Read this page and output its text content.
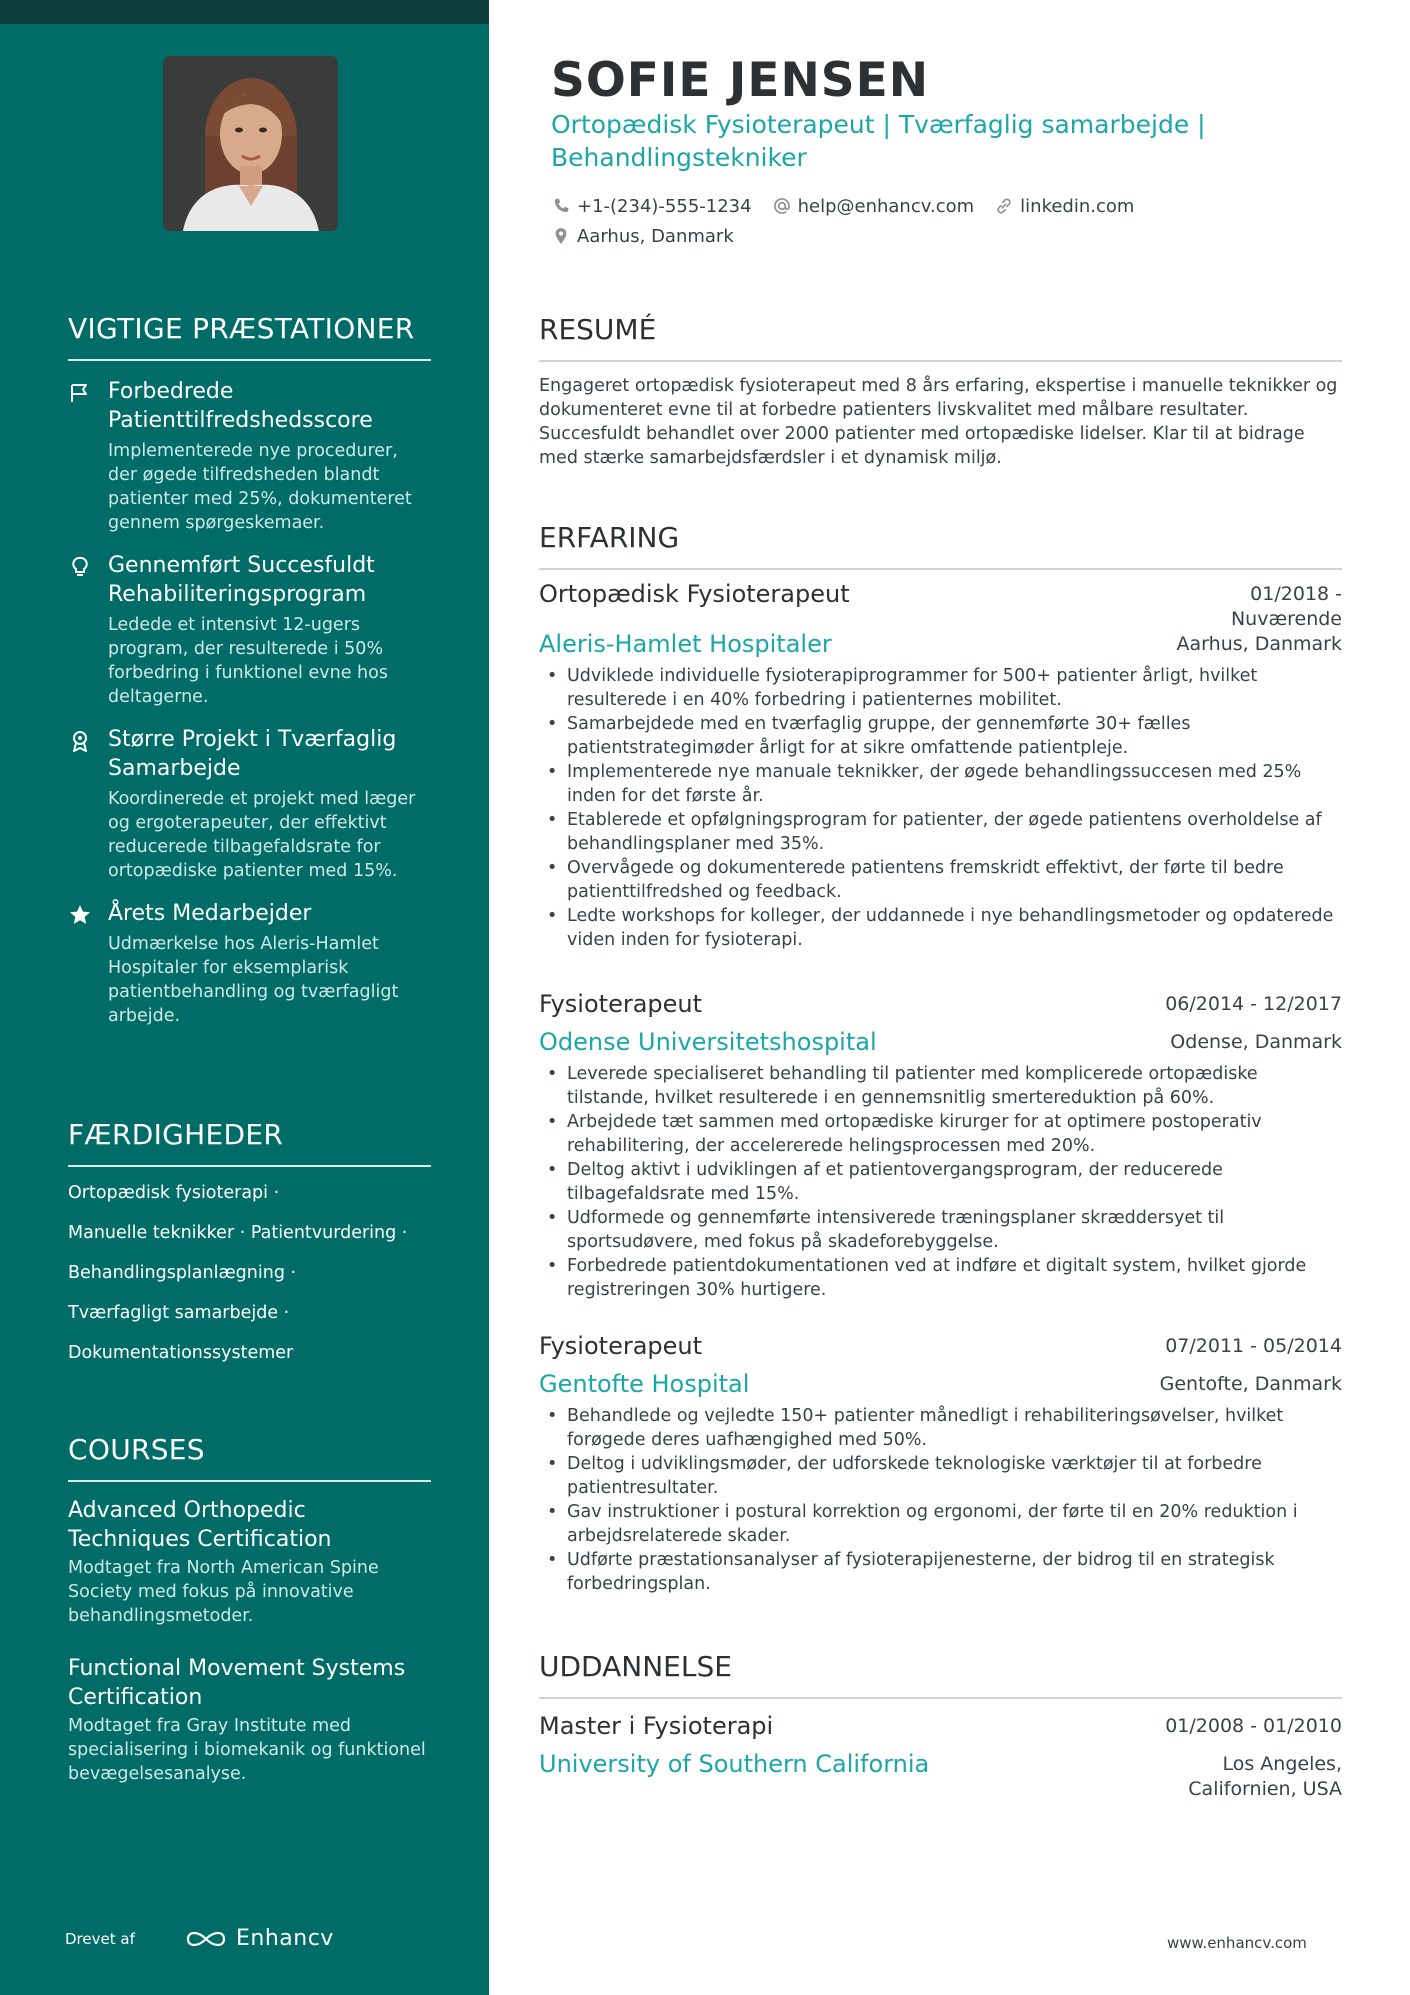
VIGTIGE PRÆSTATIONER
Forbedrede Patienttilfredshedsscore
Implementerede nye procedurer, der øgede tilfredsheden blandt patienter med 25%, dokumenteret gennem spørgeskemaer.
Gennemført Succesfuldt Rehabiliteringsprogram
Ledede et intensivt 12-ugers program, der resulterede i 50% forbedring i funktionel evne hos deltagerne.
Større Projekt i Tværfaglig Samarbejde
Koordinerede et projekt med læger og ergoterapeuter, der effektivt reducerede tilbagefaldsrate for ortopædiske patienter med 15%.
Årets Medarbejder
Udmærkelse hos Aleris-Hamlet Hospitaler for eksemplarisk patientbehandling og tværfagligt arbejde.
FÆRDIGHEDER
Ortopædisk fysioterapi ·
Manuelle teknikker · Patientvurdering ·
Behandlingsplanlægning ·
Tværfagligt samarbejde ·
Dokumentationssystemer
COURSES
Advanced Orthopedic Techniques Certification
Modtaget fra North American Spine Society med fokus på innovative behandlingsmetoder.
Functional Movement Systems Certification
Modtaget fra Gray Institute med specialisering i biomekanik og funktionel bevægelsesanalyse.
Drevet af	Enhancv
SOFIE JENSEN
Ortopædisk Fysioterapeut | Tværfaglig samarbejde | Behandlingstekniker
+1-(234)-555-1234	help@enhancv.com	linkedin.com
Aarhus, Danmark
RESUMÉ
Engageret ortopædisk fysioterapeut med 8 års erfaring, ekspertise i manuelle teknikker og dokumenteret evne til at forbedre patienters livskvalitet med målbare resultater. Succesfuldt behandlet over 2000 patienter med ortopædiske lidelser. Klar til at bidrage med stærke samarbejdsfærdsler i et dynamisk miljø.
ERFARING
Ortopædisk Fysioterapeut	01/2018 - Nuværende
Aleris-Hamlet Hospitaler	Aarhus, Danmark
• Udviklede individuelle fysioterapiprogrammer for 500+ patienter årligt, hvilket resulterede i en 40% forbedring i patienternes mobilitet.
• Samarbejdede med en tværfaglig gruppe, der gennemførte 30+ fælles patientstrategimøder årligt for at sikre omfattende patientpleje.
• Implementerede nye manuale teknikker, der øgede behandlingssuccesen med 25% inden for det første år.
• Etablerede et opfølgningsprogram for patienter, der øgede patientens overholdelse af behandlingsplaner med 35%.
• Overvågede og dokumenterede patientens fremskridt effektivt, der førte til bedre patienttilfredshed og feedback.
• Ledte workshops for kolleger, der uddannede i nye behandlingsmetoder og opdaterede viden inden for fysioterapi.
Fysioterapeut	06/2014 - 12/2017
Odense Universitetshospital	Odense, Danmark
• Leverede specialiseret behandling til patienter med komplicerede ortopædiske tilstande, hvilket resulterede i en gennemsnitlig smertereduktion på 60%.
• Arbejdede tæt sammen med ortopædiske kirurger for at optimere postoperativ rehabilitering, der accelererede helingsprocessen med 20%.
• Deltog aktivt i udviklingen af et patientovergangsprogram, der reducerede tilbagefaldsrate med 15%.
• Udformede og gennemførte intensiverede træningsplaner skræddersyet til sportsudøvere, med fokus på skadeforebyggelse.
• Forbedrede patientdokumentationen ved at indføre et digitalt system, hvilket gjorde registreringen 30% hurtigere.
Fysioterapeut	07/2011 - 05/2014
Gentofte Hospital	Gentofte, Danmark
• Behandlede og vejledte 150+ patienter månedligt i rehabiliteringsøvelser, hvilket forøgede deres uafhængighed med 50%.
• Deltog i udviklingsmøder, der udforskede teknologiske værktøjer til at forbedre patientresultater.
• Gav instruktioner i postural korrektion og ergonomi, der førte til en 20% reduktion i arbejdsrelaterede skader.
• Udførte præstationsanalyser af fysioterapijenesterne, der bidrog til en strategisk forbedringsplan.
UDDANNELSE
Master i Fysioterapi	01/2008 - 01/2010
University of Southern California	Los Angeles, Californien, USA
www.enhancv.com
